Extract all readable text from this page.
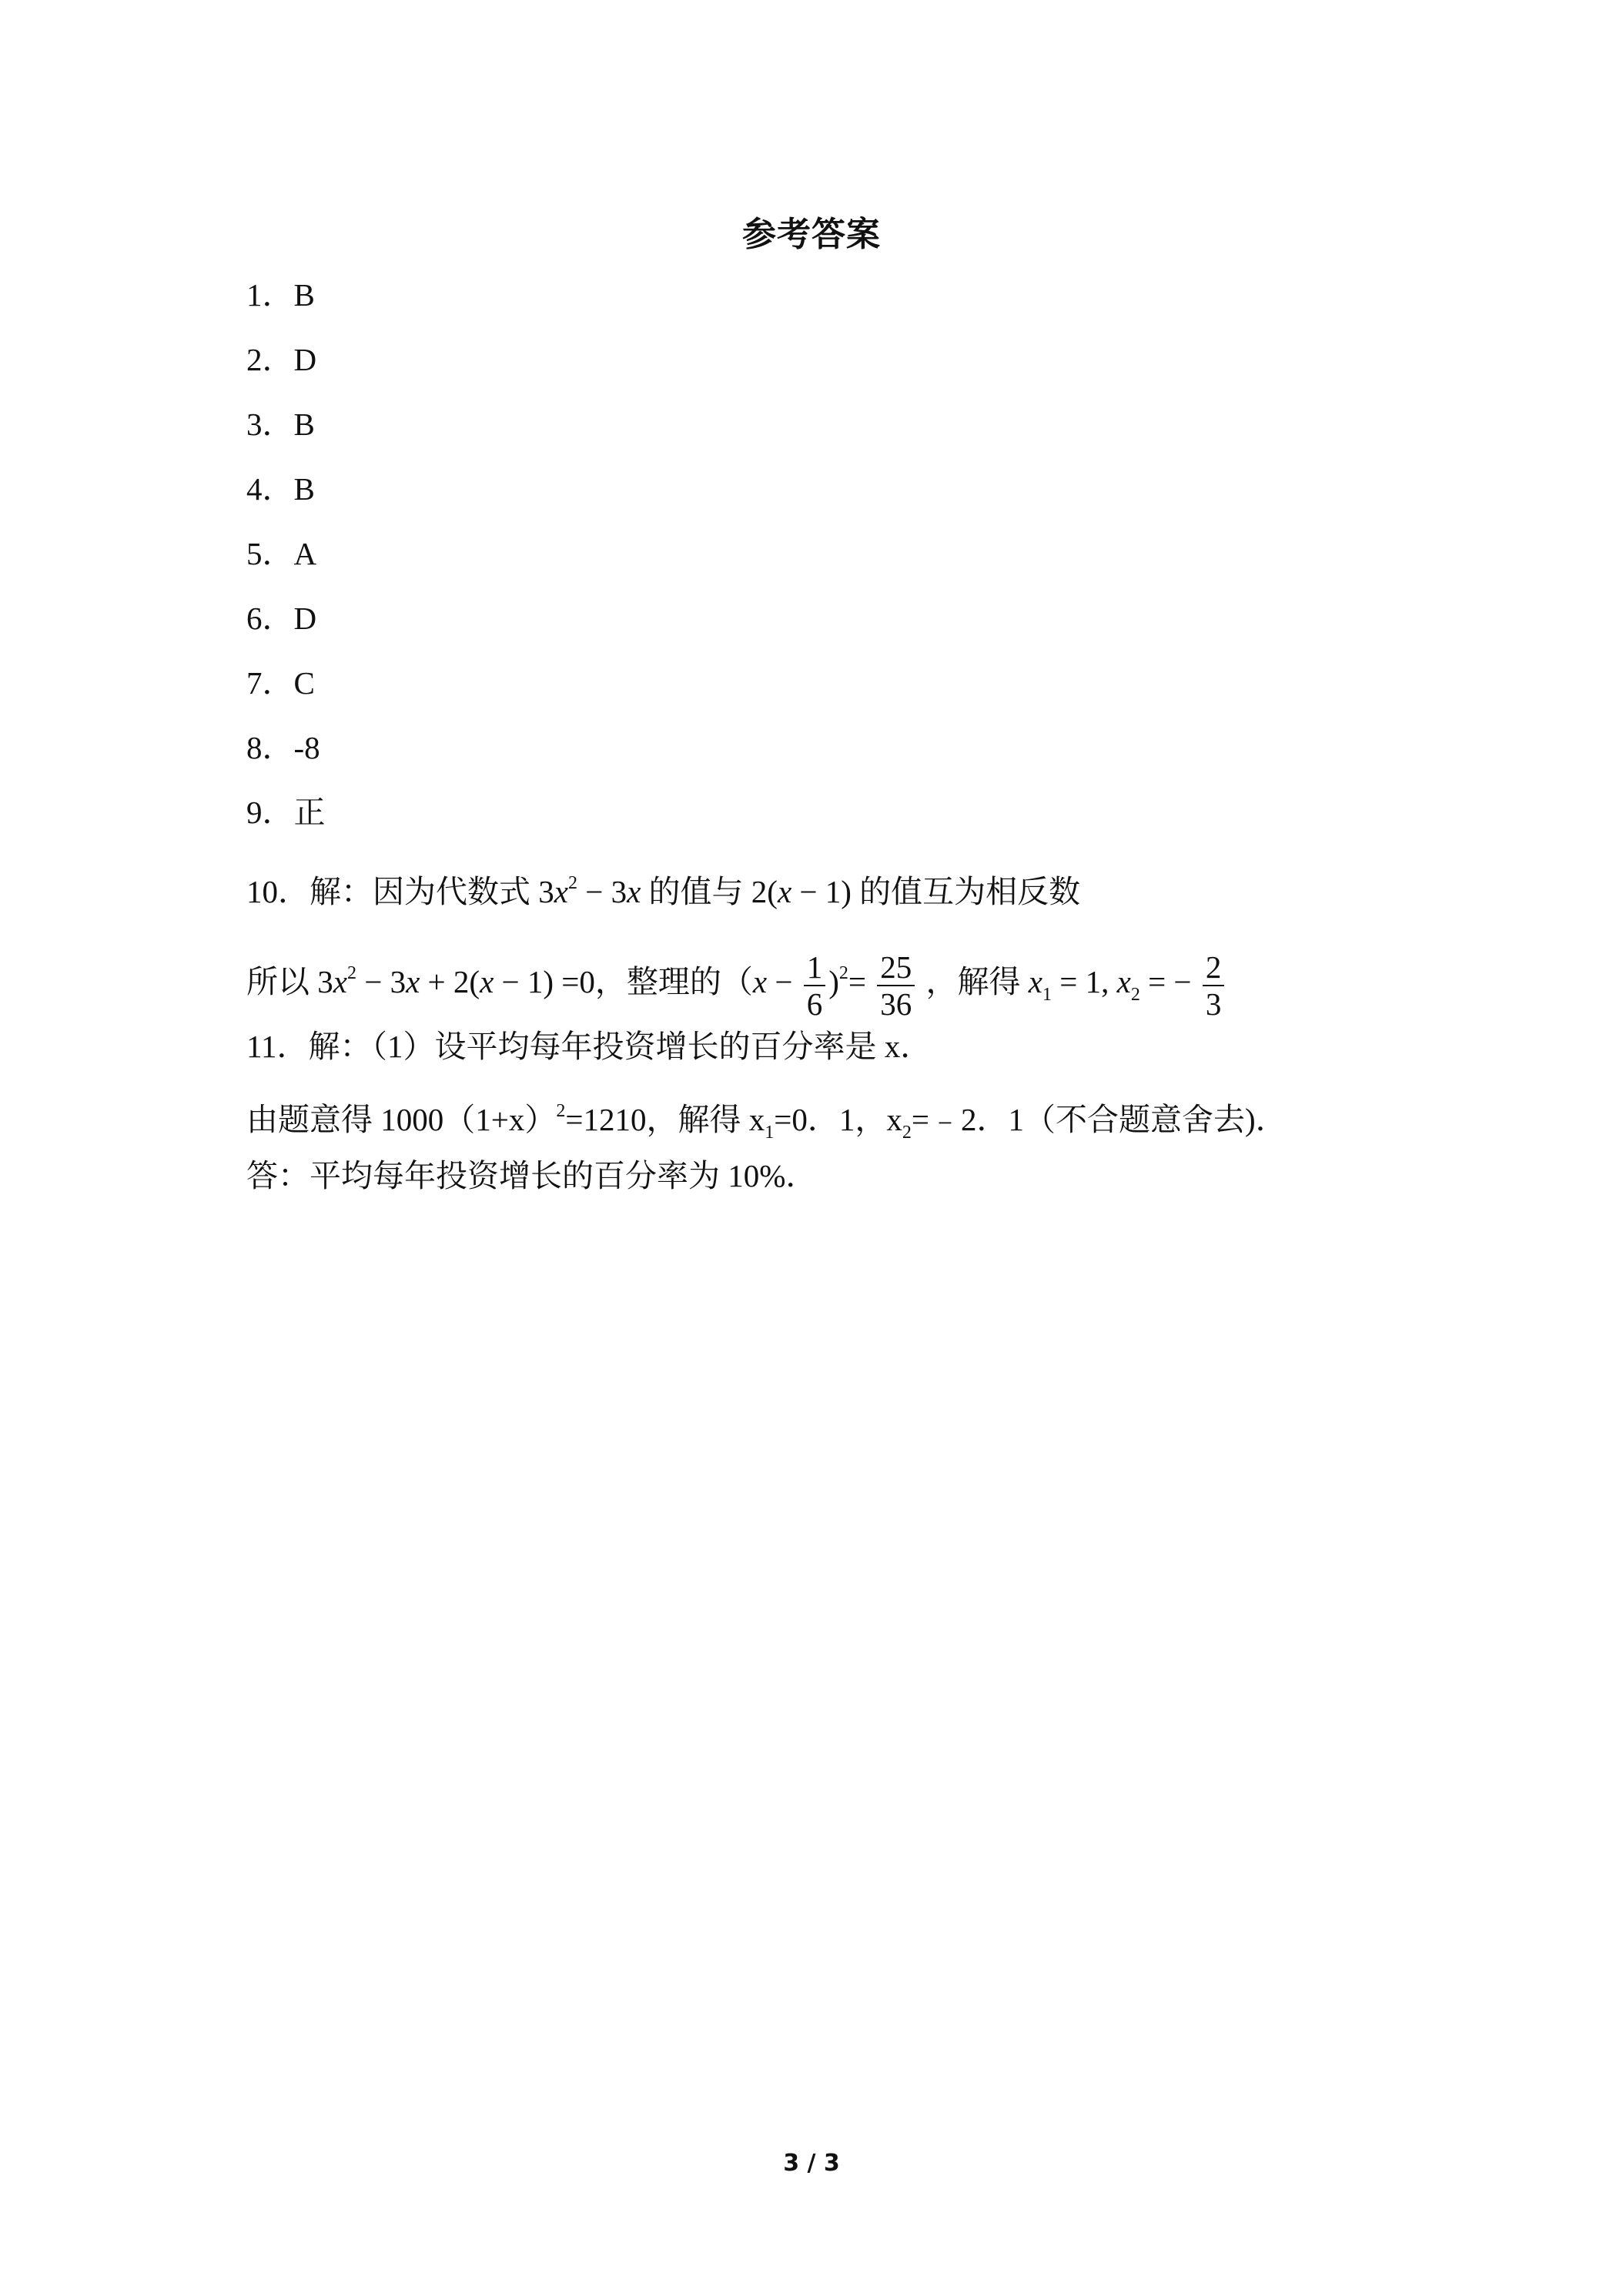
参考答案
1．B
2．D
3．B
4．B
5．A
6．D
7．C
8．-8
9．正
10．解：因为代数式 $3x^2 - 3x$ 的值与 2(x − 1) 的值互为相反数
所以 $3x^2 - 3x + 2(x - 1) =0$，整理的$(x - \frac{1}{6} )^2= \frac{25}{36}$ ，解得 $x_1 = 1$, $x_2$ = − $\frac{2}{3}$
11．解：（1）设平均每年投资增长的百分率是 x．
由题意得 $1000(1+x)^2=1210$，解得 $x_1=0$．1，$x_2=﹣2$．1（不合题意舍去)．
答：平均每年投资增长的百分率为 10%．
3 / 3
